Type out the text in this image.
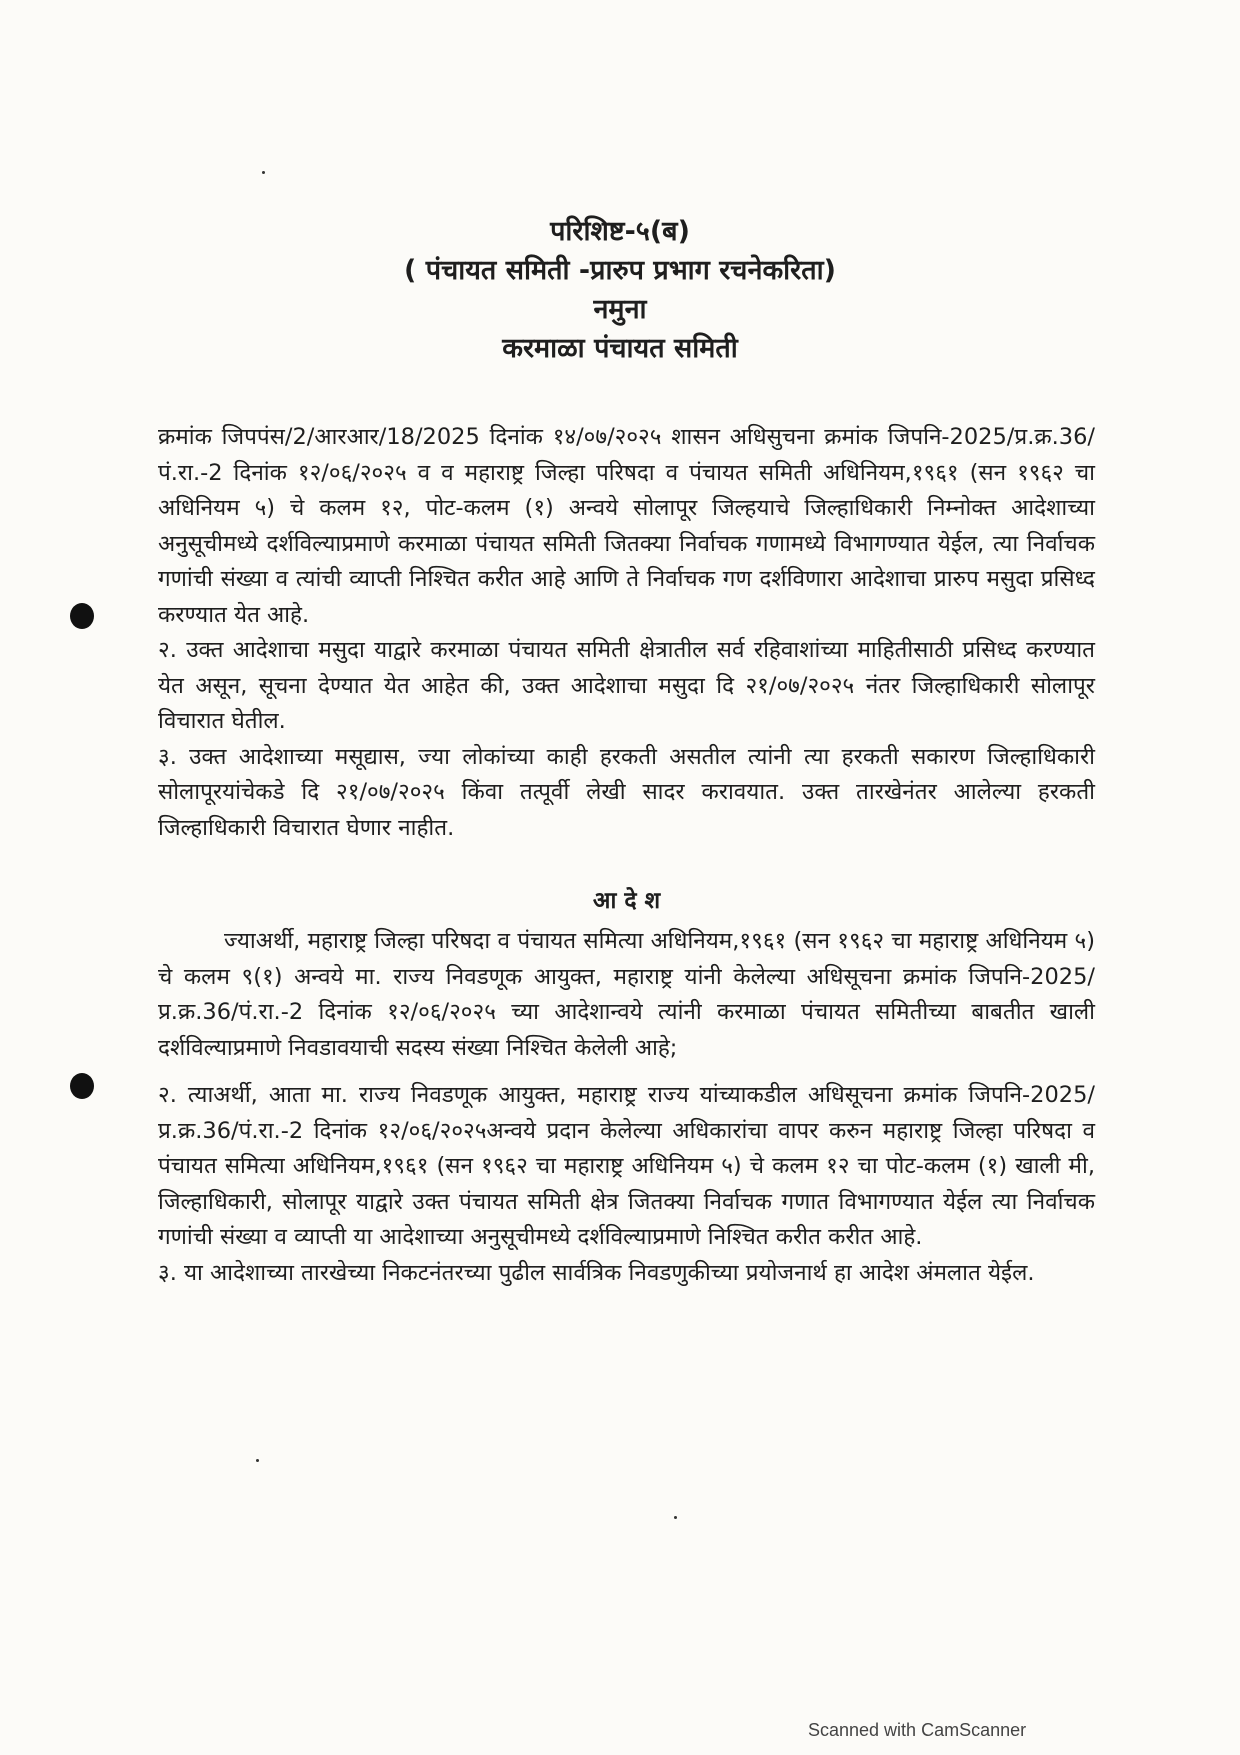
परिशिष्ट-५(ब)
( पंचायत समिती -प्रारुप प्रभाग रचनेकरिता)
नमुना
करमाळा पंचायत समिती

क्रमांक जिपपंस/2/आरआर/18/2025 दिनांक १४/०७/२०२५ शासन अधिसुचना क्रमांक जिपनि-2025/प्र.क्र.36/पं.रा.-2 दिनांक १२/०६/२०२५ व व महाराष्ट्र जिल्हा परिषदा व पंचायत समिती अधिनियम,१९६१ (सन १९६२ चा अधिनियम ५) चे कलम १२, पोट-कलम (१) अन्वये सोलापूर जिल्हयाचे जिल्हाधिकारी निम्नोक्त आदेशाच्या अनुसूचीमध्ये दर्शविल्याप्रमाणे करमाळा पंचायत समिती जितक्या निर्वाचक गणामध्ये विभागण्यात येईल, त्या निर्वाचक गणांची संख्या व त्यांची व्याप्ती निश्चित करीत आहे आणि ते निर्वाचक गण दर्शविणारा आदेशाचा प्रारुप मसुदा प्रसिध्द करण्यात येत आहे.

२. उक्त आदेशाचा मसुदा याद्वारे करमाळा पंचायत समिती क्षेत्रातील सर्व रहिवाशांच्या माहितीसाठी प्रसिध्द करण्यात येत असून, सूचना देण्यात येत आहेत की, उक्त आदेशाचा मसुदा दि २१/०७/२०२५ नंतर जिल्हाधिकारी सोलापूर विचारात घेतील.

३. उक्त आदेशाच्या मसूद्यास, ज्या लोकांच्या काही हरकती असतील त्यांनी त्या हरकती सकारण जिल्हाधिकारी सोलापूरयांचेकडे दि २१/०७/२०२५ किंवा तत्पूर्वी लेखी सादर करावयात. उक्त तारखेनंतर आलेल्या हरकती जिल्हाधिकारी विचारात घेणार नाहीत.

आ दे श

ज्याअर्थी, महाराष्ट्र जिल्हा परिषदा व पंचायत समित्या अधिनियम,१९६१ (सन १९६२ चा महाराष्ट्र अधिनियम ५) चे कलम ९(१) अन्वये मा. राज्य निवडणूक आयुक्त, महाराष्ट्र यांनी केलेल्या अधिसूचना क्रमांक जिपनि-2025/प्र.क्र.36/पं.रा.-2 दिनांक १२/०६/२०२५ च्या आदेशान्वये त्यांनी करमाळा पंचायत समितीच्या बाबतीत खाली दर्शविल्याप्रमाणे निवडावयाची सदस्य संख्या निश्चित केलेली आहे;

२. त्याअर्थी, आता मा. राज्य निवडणूक आयुक्त, महाराष्ट्र राज्य यांच्याकडील अधिसूचना क्रमांक जिपनि-2025/प्र.क्र.36/पं.रा.-2 दिनांक १२/०६/२०२५अन्वये प्रदान केलेल्या अधिकारांचा वापर करुन महाराष्ट्र जिल्हा परिषदा व पंचायत समित्या अधिनियम,१९६१ (सन १९६२ चा महाराष्ट्र अधिनियम ५) चे कलम १२ चा पोट-कलम (१) खाली मी, जिल्हाधिकारी, सोलापूर याद्वारे उक्त पंचायत समिती क्षेत्र जितक्या निर्वाचक गणात विभागण्यात येईल त्या निर्वाचक गणांची संख्या व व्याप्ती या आदेशाच्या अनुसूचीमध्ये दर्शविल्याप्रमाणे निश्चित करीत करीत आहे.

३. या आदेशाच्या तारखेच्या निकटनंतरच्या पुढील सार्वत्रिक निवडणुकीच्या प्रयोजनार्थ हा आदेश अंमलात येईल.

Scanned with CamScanner
